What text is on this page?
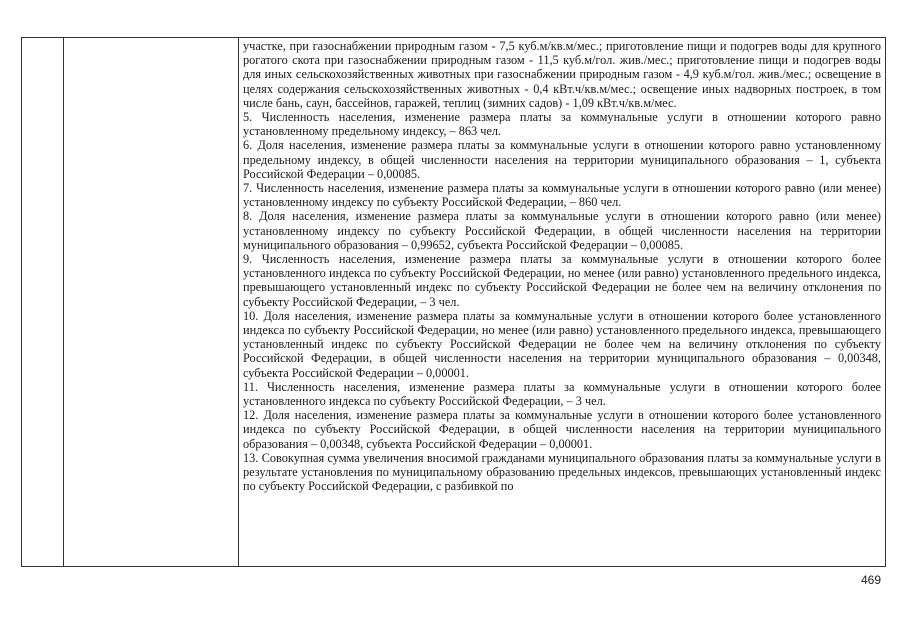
участке, при газоснабжении природным газом - 7,5 куб.м/кв.м/мес.; приготовление пищи и подогрев воды для крупного рогатого скота при газоснабжении природным газом - 11,5 куб.м/гол. жив./мес.; приготовление пищи и подогрев воды для иных сельскохозяйственных животных при газоснабжении природным газом - 4,9 куб.м/гол. жив./мес.; освещение в целях содержания сельскохозяйственных животных - 0,4 кВт.ч/кв.м/мес.; освещение иных надворных построек, в том числе бань, саун, бассейнов, гаражей, теплиц (зимних садов) - 1,09 кВт.ч/кв.м/мес.

5. Численность населения, изменение размера платы за коммунальные услуги в отношении которого равно установленному предельному индексу, – 863 чел.

6. Доля населения, изменение размера платы за коммунальные услуги в отношении которого равно установленному предельному индексу, в общей численности населения на территории муниципального образования – 1, субъекта Российской Федерации – 0,00085.

7. Численность населения, изменение размера платы за коммунальные услуги в отношении которого равно (или менее) установленному индексу по субъекту Российской Федерации, – 860 чел.

8. Доля населения, изменение размера платы за коммунальные услуги в отношении которого равно (или менее) установленному индексу по субъекту Российской Федерации, в общей численности населения на территории муниципального образования – 0,99652, субъекта Российской Федерации – 0,00085.

9. Численность населения, изменение размера платы за коммунальные услуги в отношении которого более установленного индекса по субъекту Российской Федерации, но менее (или равно) установленного предельного индекса, превышающего установленный индекс по субъекту Российской Федерации не более чем на величину отклонения по субъекту Российской Федерации, – 3 чел.

10. Доля населения, изменение размера платы за коммунальные услуги в отношении которого более установленного индекса по субъекту Российской Федерации, но менее (или равно) установленного предельного индекса, превышающего установленный индекс по субъекту Российской Федерации не более чем на величину отклонения по субъекту Российской Федерации, в общей численности населения на территории муниципального образования – 0,00348, субъекта Российской Федерации – 0,00001.

11. Численность населения, изменение размера платы за коммунальные услуги в отношении которого более установленного индекса по субъекту Российской Федерации, – 3 чел.

12. Доля населения, изменение размера платы за коммунальные услуги в отношении которого более установленного индекса по субъекту Российской Федерации, в общей численности населения на территории муниципального образования – 0,00348, субъекта Российской Федерации – 0,00001.

13. Совокупная сумма увеличения вносимой гражданами муниципального образования платы за коммунальные услуги в результате установления по муниципальному образованию предельных индексов, превышающих установленный индекс по субъекту Российской Федерации, с разбивкой по

469
